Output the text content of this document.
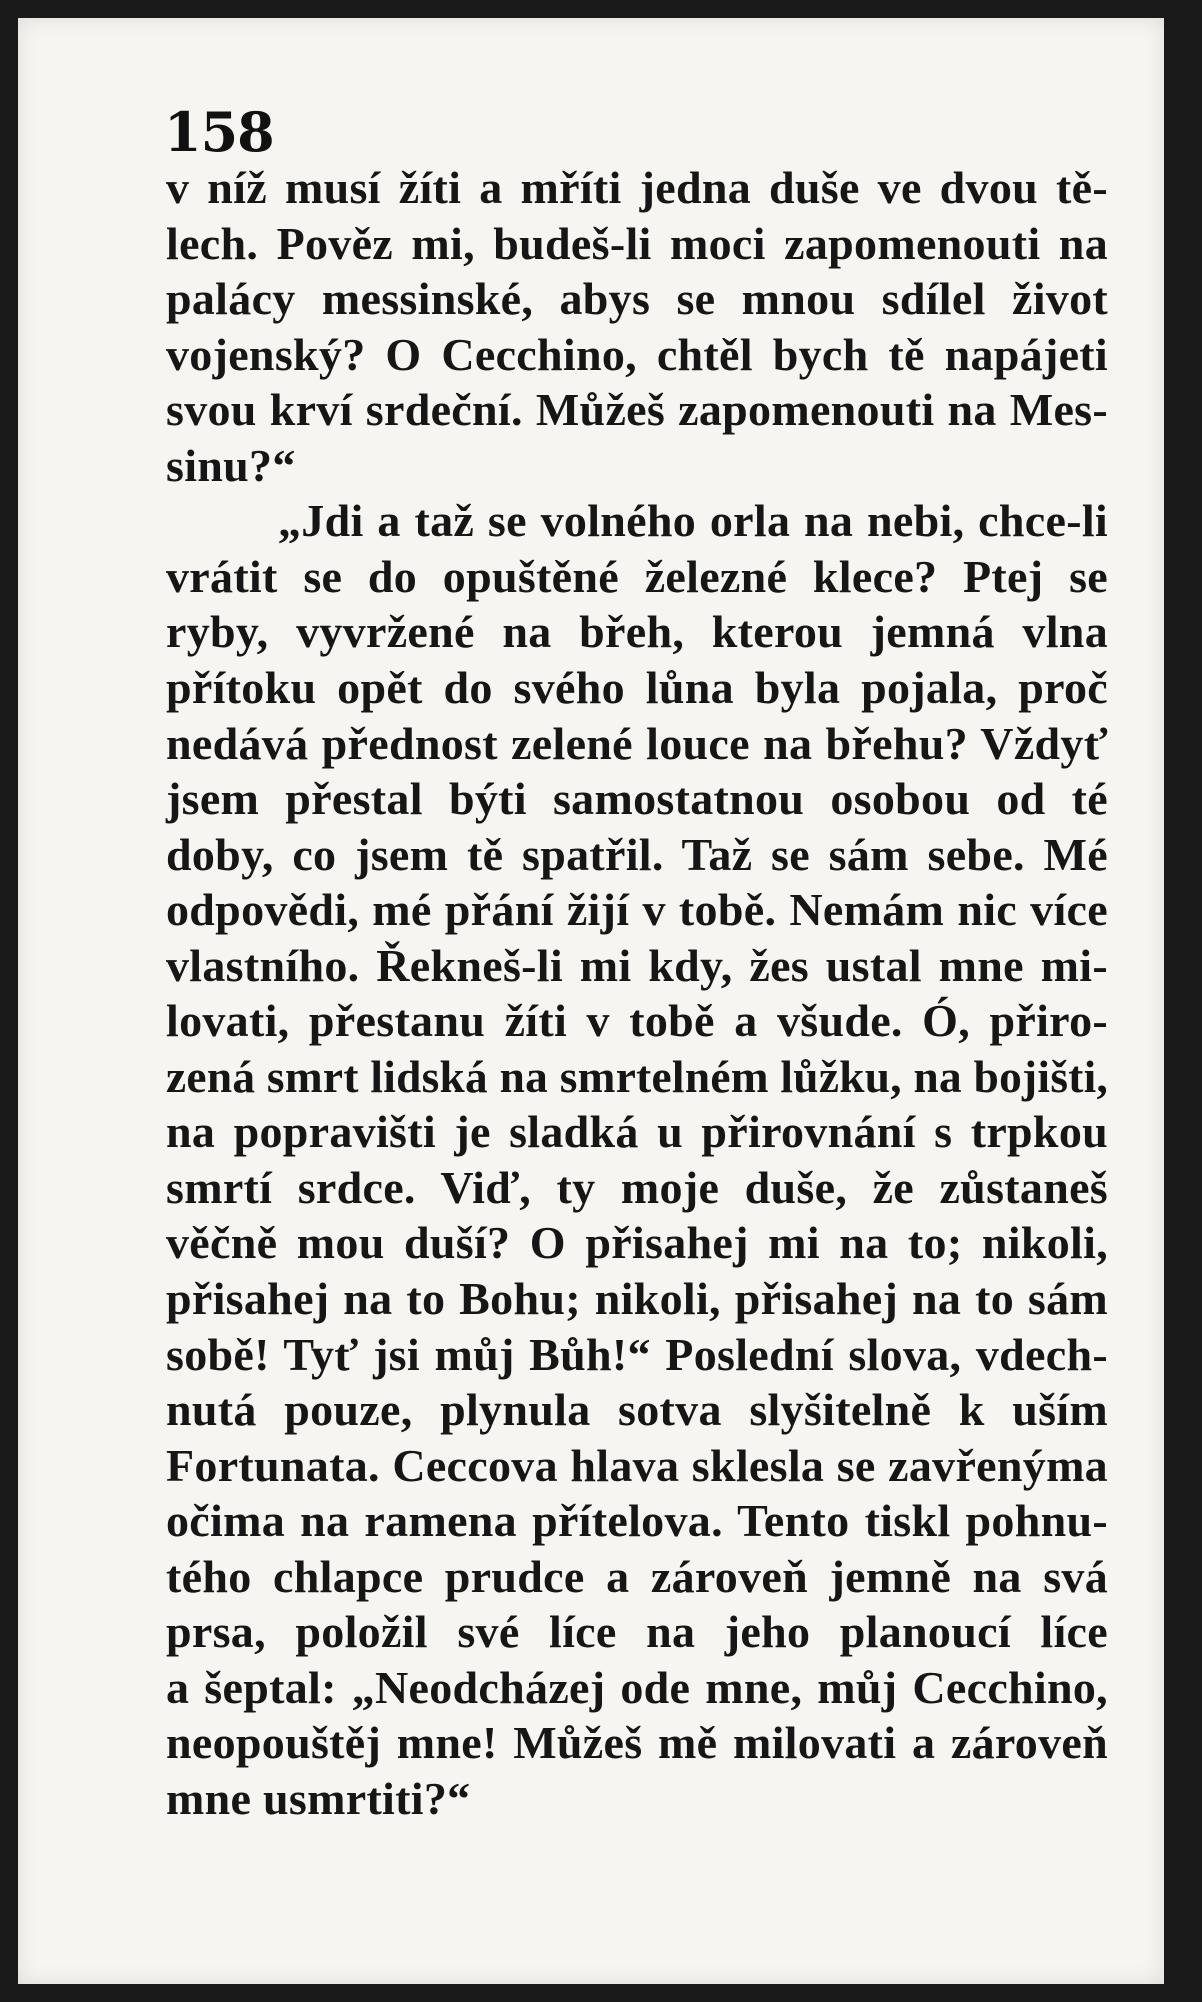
158
v níž musí žíti a mříti jedna duše ve dvou tě-
lech. Pověz mi, budeš-li moci zapomenouti na
palácy messinské, abys se mnou sdílel život
vojenský? O Cecchino, chtěl bych tě napájeti
svou krví srdeční. Můžeš zapomenouti na Mes-
sinu?“
„Jdi a taž se volného orla na nebi, chce-li
vrátit se do opuštěné železné klece? Ptej se
ryby, vyvržené na břeh, kterou jemná vlna
přítoku opět do svého lůna byla pojala, proč
nedává přednost zelené louce na břehu? Vždyť
jsem přestal býti samostatnou osobou od té
doby, co jsem tě spatřil. Taž se sám sebe. Mé
odpovědi, mé přání žijí v tobě. Nemám nic více
vlastního. Řekneš-li mi kdy, žes ustal mne mi-
lovati, přestanu žíti v tobě a všude. Ó, přiro-
zená smrt lidská na smrtelném lůžku, na bojišti,
na popravišti je sladká u přirovnání s trpkou
smrtí srdce. Viď, ty moje duše, že zůstaneš
věčně mou duší? O přisahej mi na to; nikoli,
přisahej na to Bohu; nikoli, přisahej na to sám
sobě! Tyť jsi můj Bůh!“ Poslední slova, vdech-
nutá pouze, plynula sotva slyšitelně k uším
Fortunata. Ceccova hlava sklesla se zavřenýma
očima na ramena přítelova. Tento tiskl pohnu-
tého chlapce prudce a zároveň jemně na svá
prsa, položil své líce na jeho planoucí líce
a šeptal: „Neodcházej ode mne, můj Cecchino,
neopouštěj mne! Můžeš mě milovati a zároveň
mne usmrtiti?“
